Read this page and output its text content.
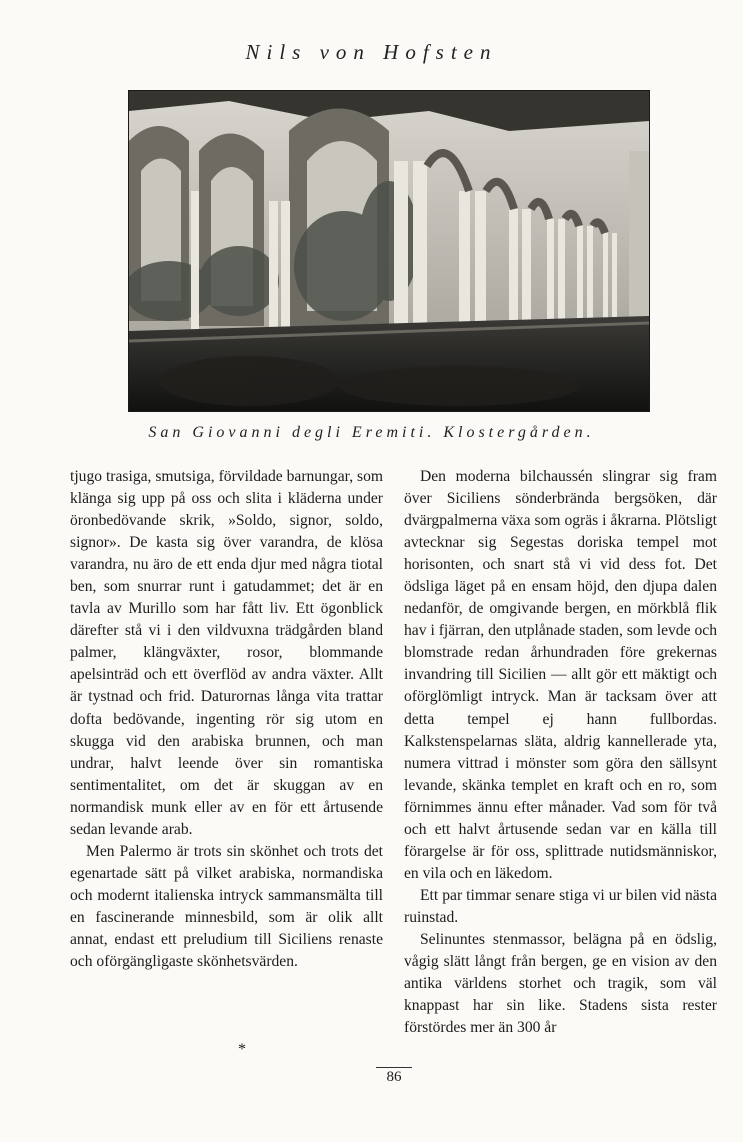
Nils von Hofsten
San Giovanni degli Eremiti. Klostergården.

tjugo trasiga, smutsiga, förvildade barnungar, som klänga sig upp på oss och slita i kläderna under öronbedövande skrik, »Soldo, signor, soldo, signor». De kasta sig över varandra, de klösa varandra, nu äro de ett enda djur med några tiotal ben, som snurrar runt i gatudammet; det är en tavla av Murillo som har fått liv. Ett ögonblick därefter stå vi i den vildvuxna trädgården bland palmer, klängväxter, rosor, blommande apelsinträd och ett överflöd av andra växter. Allt är tystnad och frid. Daturornas långa vita trattar dofta bedövande, ingenting rör sig utom en skugga vid den arabiska brunnen, och man undrar, halvt leende över sin romantiska sentimentalitet, om det är skuggan av en normandisk munk eller av en för ett årtusende sedan levande arab.

Men Palermo är trots sin skönhet och trots det egenartade sätt på vilket arabiska, normandiska och modernt italienska intryck sammansmälta till en fascinerande minnesbild, som är olik allt annat, endast ett preludium till Siciliens renaste och oförgängligaste skönhetsvärden.

Den moderna bilchaussén slingrar sig fram över Siciliens sönderbrända bergsöken, där dvärgpalmerna växa som ogräs i åkrarna. Plötsligt avtecknar sig Segestas doriska tempel mot horisonten, och snart stå vi vid dess fot. Det ödsliga läget på en ensam höjd, den djupa dalen nedanför, de omgivande bergen, en mörkblå flik hav i fjärran, den utplånade staden, som levde och blomstrade redan århundraden före grekernas invandring till Sicilien — allt gör ett mäktigt och oförglömligt intryck. Man är tacksam över att detta tempel ej hann fullbordas. Kalkstenspelarnas släta, aldrig kannellerade yta, numera vittrad i mönster som göra den sällsynt levande, skänka templet en kraft och en ro, som förnimmes ännu efter månader. Vad som för två och ett halvt årtusende sedan var en källa till förargelse är för oss, splittrade nutidsmänniskor, en vila och en läkedom.

Ett par timmar senare stiga vi ur bilen vid nästa ruinstad.

Selinuntes stenmassor, belägna på en ödslig, vågig slätt långt från bergen, ge en vision av den antika världens storhet och tragik, som väl knappast har sin like. Stadens sista rester förstördes mer än 300 år

*
86
